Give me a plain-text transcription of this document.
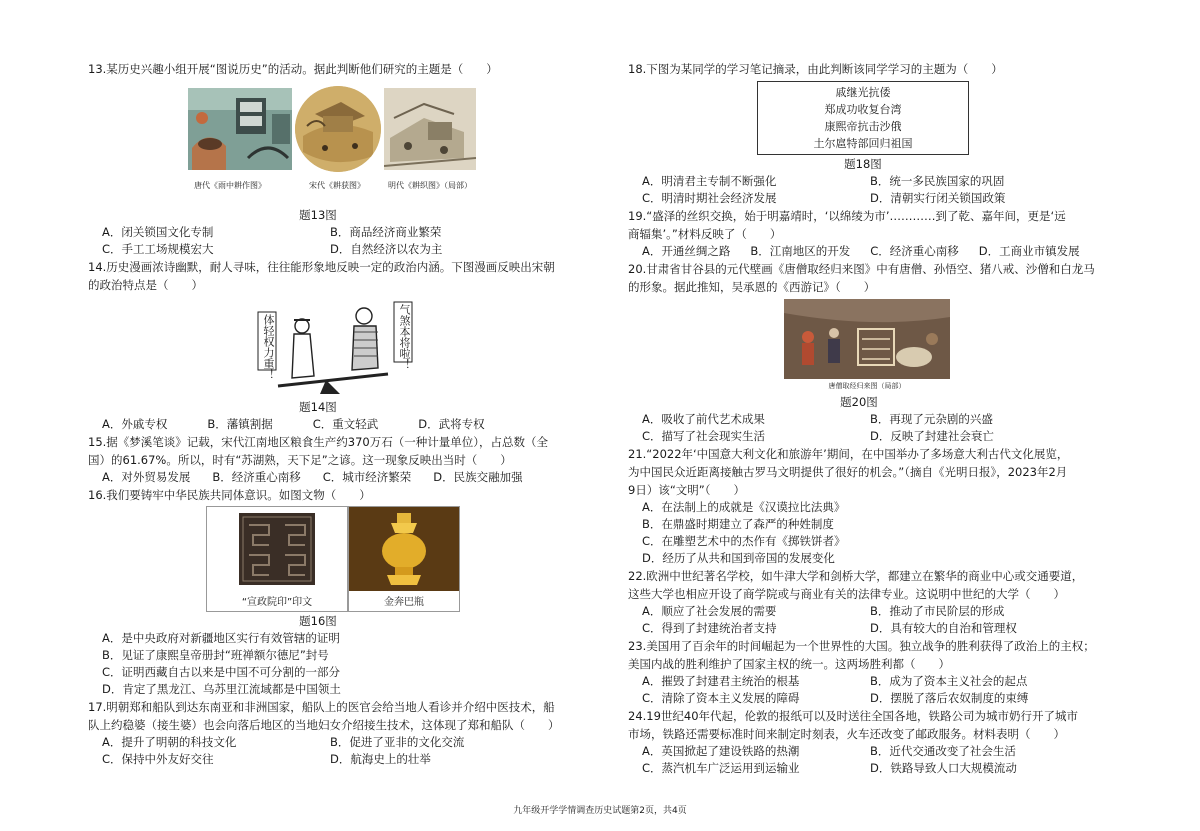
13.某历史兴趣小组开展“图说历史”的活动。据此判断他们研究的主题是（　　）

唐代《雨中耕作图》	宋代《耕获图》	明代《耕织图》（局部）
题13图
A．闭关锁国文化专制	B．商品经济商业繁荣
C．手工工场规模宏大	D．自然经济以农为主

14.历史漫画浓诗幽默，耐人寻味，往往能形象地反映一定的政治内涵。下图漫画反映出宋朝

的政治特点是（　　）

体轻权力重！	气煞本将啦！
题14图
A．外戚专权	B．藩镇割据	C．重文轻武	D．武将专权

15.据《梦溪笔谈》记载，宋代江南地区粮食生产约370万石（一种计量单位），占总数（全

国）的61.67%。所以，时有“苏湖熟，天下足”之谚。这一现象反映出当时（　　）

A．对外贸易发展 B．经济重心南移 C．城市经济繁荣 D．民族交融加强

16.我们要铸牢中华民族共同体意识。如图文物（　　）

“宣政院印”印文	金奔巴瓶
题16图
A．是中央政府对新疆地区实行有效管辖的证明
B．见证了康熙皇帝册封“班禅额尔德尼”封号
C．证明西藏自古以来是中国不可分割的一部分
D．肯定了黑龙江、乌苏里江流域都是中国领土

17.明朝郑和船队到达东南亚和非洲国家，船队上的医官会给当地人看诊并介绍中医技术，船

队上约稳婆（接生婆）也会向落后地区的当地妇女介绍接生技术，这体现了郑和船队（　　）

A．提升了明朝的科技文化	B．促进了亚非的文化交流
C．保持中外友好交往	D．航海史上的壮举

18.下图为某同学的学习笔记摘录，由此判断该同学学习的主题为（　　）

戚继光抗倭
郑成功收复台湾
康熙帝抗击沙俄
土尔扈特部回归祖国
题18图
A．明清君主专制不断强化	B．统一多民族国家的巩固
C．明清时期社会经济发展	D．清朝实行闭关锁国政策

19.“盛泽的丝织交换，始于明嘉靖时，‘以绵绫为市’…………到了乾、嘉年间，更是‘远

商辐集’。”材料反映了（　　）

A．开通丝绸之路 B．江南地区的开发 C．经济重心南移 D．工商业市镇发展

20.甘肃省甘谷县的元代壁画《唐僧取经归来图》中有唐僧、孙悟空、猪八戒、沙僧和白龙马

的形象。据此推知，吴承恩的《西游记》（　　）

唐僧取经归来图（局部）
题20图
A．吸收了前代艺术成果	B．再现了元杂剧的兴盛
C．描写了社会现实生活	D．反映了封建社会衰亡

21.“2022年‘中国意大利文化和旅游年’期间，在中国举办了多场意大利古代文化展览，

为中国民众近距离接触古罗马文明提供了很好的机会。”（摘自《光明日报》，2023年2月

9日）该“文明”（　　）

A．在法制上的成就是《汉谟拉比法典》
B．在鼎盛时期建立了森严的种姓制度
C．在雕塑艺术中的杰作有《掷铁饼者》
D．经历了从共和国到帝国的发展变化

22.欧洲中世纪著名学校，如牛津大学和剑桥大学，都建立在繁华的商业中心或交通要道，

这些大学也相应开设了商学院或与商业有关的法律专业。这说明中世纪的大学（　　）

A．顺应了社会发展的需要	B．推动了市民阶层的形成
C．得到了封建统治者支持	D．具有较大的自治和管理权

23.美国用了百余年的时间崛起为一个世界性的大国。独立战争的胜利获得了政治上的主权；

美国内战的胜利维护了国家主权的统一。这两场胜利都（　　）

A．摧毁了封建君主统治的根基	B．成为了资本主义社会的起点
C．清除了资本主义发展的障碍	D．摆脱了落后农奴制度的束缚

24.19世纪40年代起，伦敦的报纸可以及时送往全国各地，铁路公司为城市奶行开了城市

市场，铁路还需要标准时间来制定时刻表，火车还改变了邮政服务。材料表明（　　）

A．英国掀起了建设铁路的热潮	B．近代交通改变了社会生活
C．蒸汽机车广泛运用到运输业	D．铁路导致人口大规模流动
九年级开学学情调查历史试题第2页，共4页
